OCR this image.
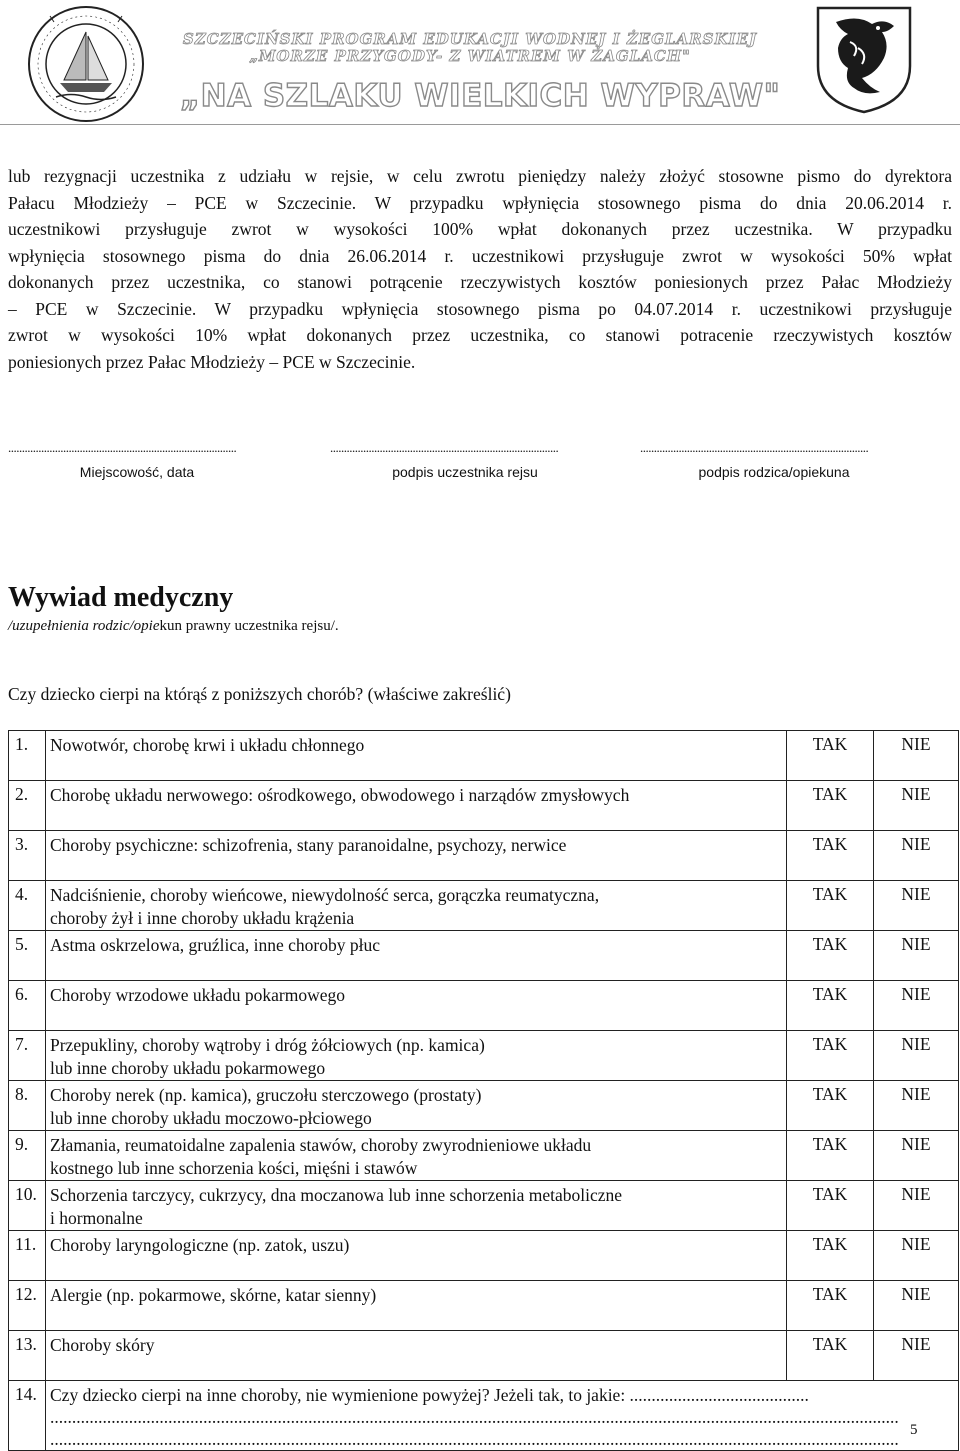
SZCZECIŃSKI PROGRAM EDUKACJI WODNEJ I ŻEGLARSKIEJ
„MORZE PRZYGODY- Z WIATREM W ŻAGLACH"
„NA SZLAKU WIELKICH WYPRAW"
lub rezygnacji uczestnika z udziału w rejsie, w celu zwrotu pieniędzy należy złożyć stosowne pismo do dyrektora
Pałacu Młodzieży – PCE w Szczecinie. W przypadku wpłynięcia stosownego pisma do dnia 20.06.2014 r.
uczestnikowi przysługuje zwrot w wysokości 100% wpłat dokonanych przez uczestnika. W przypadku
wpłynięcia stosownego pisma do dnia 26.06.2014 r. uczestnikowi przysługuje zwrot w wysokości 50% wpłat
dokonanych przez uczestnika, co stanowi potrącenie rzeczywistych kosztów poniesionych przez Pałac Młodzieży
– PCE w Szczecinie. W przypadku wpłynięcia stosownego pisma po 04.07.2014 r. uczestnikowi przysługuje
zwrot w wysokości 10% wpłat dokonanych przez uczestnika, co stanowi potracenie rzeczywistych kosztów
poniesionych przez Pałac Młodzieży – PCE w Szczecinie.
...................................................................................	...................................................................................	...................................................................................
Miejscowość, data	podpis uczestnika rejsu	podpis rodzica/opiekuna
Wywiad medyczny
/uzupełnienia rodzic/opiekun prawny uczestnika rejsu/.
Czy dziecko cierpi na którąś z poniższych chorób? (właściwe zakreślić)
1.	Nowotwór, chorobę krwi i układu chłonnego	TAK	NIE
2.	Chorobę układu nerwowego: ośrodkowego, obwodowego i narządów zmysłowych	TAK	NIE
3.	Choroby psychiczne: schizofrenia, stany paranoidalne, psychozy, nerwice	TAK	NIE
4.	Nadciśnienie, choroby wieńcowe, niewydolność serca, gorączka reumatyczna,
choroby żył i inne choroby układu krążenia	TAK	NIE
5.	Astma oskrzelowa, gruźlica, inne choroby płuc	TAK	NIE
6.	Choroby wrzodowe układu pokarmowego	TAK	NIE
7.	Przepukliny, choroby wątroby i dróg żółciowych (np. kamica)
lub inne choroby układu pokarmowego	TAK	NIE
8.	Choroby nerek (np. kamica), gruczołu sterczowego (prostaty)
lub inne choroby układu moczowo-płciowego	TAK	NIE
9.	Złamania, reumatoidalne zapalenia stawów, choroby zwyrodnieniowe układu
kostnego lub inne schorzenia kości, mięśni i stawów	TAK	NIE
10.	Schorzenia tarczycy, cukrzycy, dna moczanowa lub inne schorzenia metaboliczne
i hormonalne	TAK	NIE
11.	Choroby laryngologiczne (np. zatok, uszu)	TAK	NIE
12.	Alergie (np. pokarmowe, skórne, katar sienny)	TAK	NIE
13.	Choroby skóry	TAK	NIE
14.	Czy dziecko cierpi na inne choroby, nie wymienione powyżej? Jeżeli tak, to jakie: .........................................
..................................................................................................................................................................................................
..................................................................................................................................................................................................		5
